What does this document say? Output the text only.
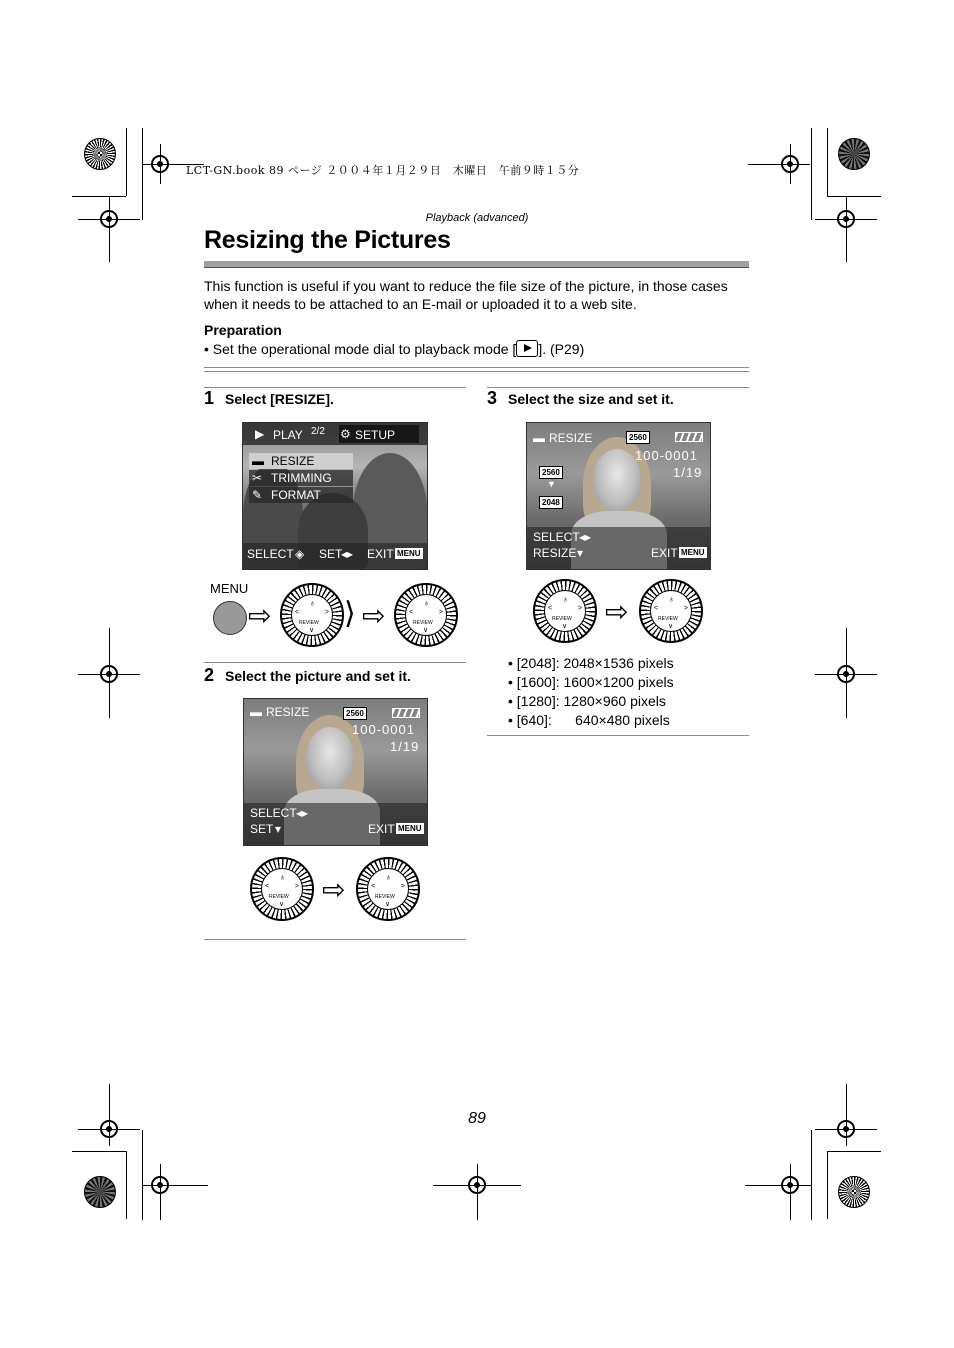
LCT-GN.book 89 ページ ２００４年１月２９日　木曜日　午前９時１５分
Playback (advanced)
Resizing the Pictures
This function is useful if you want to reduce the file size of the picture, in those cases when it needs to be attached to an E-mail or uploaded it to a web site.
Preparation
• Set the operational mode dial to playback mode [ ]. (P29)
1 Select [RESIZE].
▶ PLAY 2/2 ⚙ SETUP
▬ RESIZE
✂ TRIMMING
✎ FORMAT
SELECT ◈ SET
◂▸ EXIT MENU
MENU
⇨	♁
<	>
REVIEW
∨ ⟩ ⇨	♁
<	>
REVIEW
∨
2 Select the picture and set it.
▬ RESIZE	2560
100-0001
1/19
SELECT ◂▸
SET ▾	EXIT MENU
♁
<	>
REVIEW
∨ ⇨	♁
<	>
REVIEW
∨
3 Select the size and set it.
▬ RESIZE	2560
100-0001
1/19
2560
▼
2048
SELECT ◂▸
RESIZE ▾	EXIT MENU
♁
<	>
REVIEW
∨ ⇨	♁
<	>
REVIEW
∨
• [2048]: 2048×1536 pixels
• [1600]: 1600×1200 pixels
• [1280]: 1280×960 pixels
• [640]:      640×480 pixels
89
